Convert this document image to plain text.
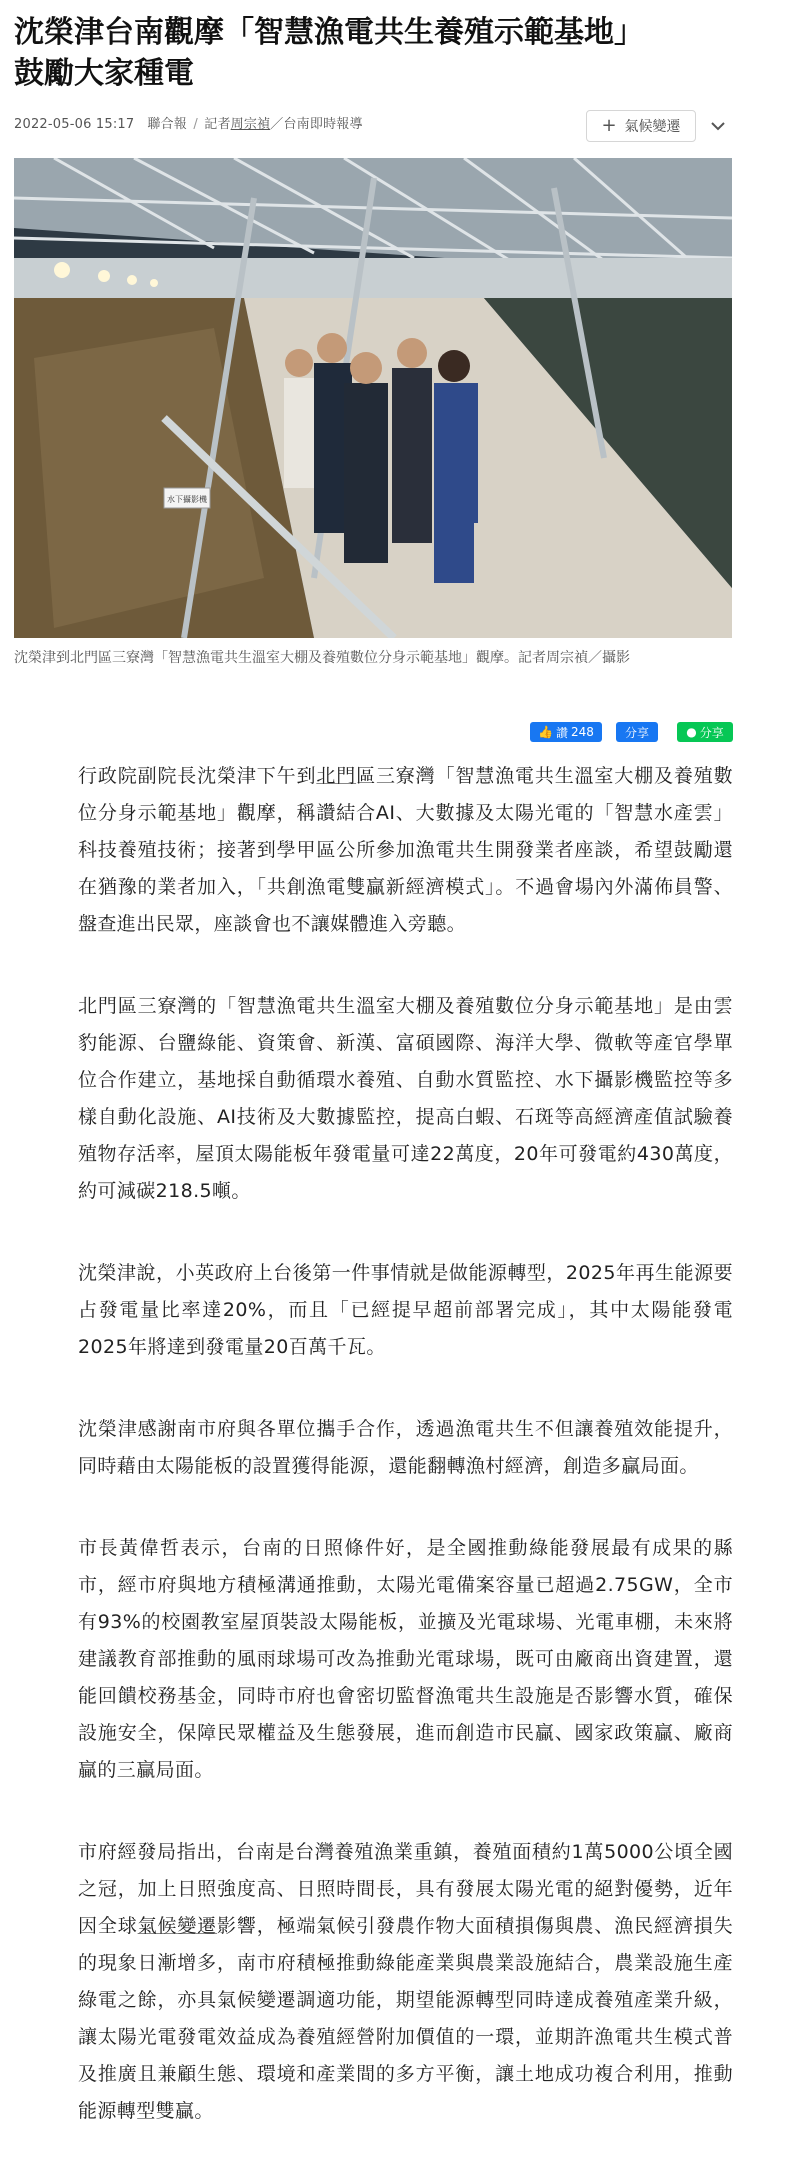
沈榮津台南觀摩「智慧漁電共生養殖示範基地」
鼓勵大家種電
2022-05-06 15:17 聯合報 / 記者周宗禎／台南即時報導	+ 氣候變遷
水下攝影機

沈榮津到北門區三寮灣「智慧漁電共生溫室大棚及養殖數位分身示範基地」觀摩。記者周宗禎／攝影

👍 讚 248	分享	● 分享

行政院副院長沈榮津下午到北門區三寮灣「智慧漁電共生溫室大棚及養殖數位分身示範基地」觀摩，稱讚結合AI、大數據及太陽光電的「智慧水產雲」科技養殖技術；接著到學甲區公所參加漁電共生開發業者座談，希望鼓勵還在猶豫的業者加入，「共創漁電雙贏新經濟模式」。不過會場內外滿佈員警、盤查進出民眾，座談會也不讓媒體進入旁聽。

北門區三寮灣的「智慧漁電共生溫室大棚及養殖數位分身示範基地」是由雲豹能源、台鹽綠能、資策會、新漢、富碩國際、海洋大學、微軟等產官學單位合作建立，基地採自動循環水養殖、自動水質監控、水下攝影機監控等多樣自動化設施、AI技術及大數據監控，提高白蝦、石斑等高經濟產值試驗養殖物存活率，屋頂太陽能板年發電量可達22萬度，20年可發電約430萬度，約可減碳218.5噸。

沈榮津說，小英政府上台後第一件事情就是做能源轉型，2025年再生能源要占發電量比率達20%，而且「已經提早超前部署完成」，其中太陽能發電2025年將達到發電量20百萬千瓦。

沈榮津感謝南市府與各單位攜手合作，透過漁電共生不但讓養殖效能提升，同時藉由太陽能板的設置獲得能源，還能翻轉漁村經濟，創造多贏局面。

市長黃偉哲表示，台南的日照條件好，是全國推動綠能發展最有成果的縣市，經市府與地方積極溝通推動，太陽光電備案容量已超過2.75GW，全市有93%的校園教室屋頂裝設太陽能板，並擴及光電球場、光電車棚，未來將建議教育部推動的風雨球場可改為推動光電球場，既可由廠商出資建置，還能回饋校務基金，同時市府也會密切監督漁電共生設施是否影響水質，確保設施安全，保障民眾權益及生態發展，進而創造市民贏、國家政策贏、廠商贏的三贏局面。

市府經發局指出，台南是台灣養殖漁業重鎮，養殖面積約1萬5000公頃全國之冠，加上日照強度高、日照時間長，具有發展太陽光電的絕對優勢，近年因全球氣候變遷影響，極端氣候引發農作物大面積損傷與農、漁民經濟損失的現象日漸增多，南市府積極推動綠能產業與農業設施結合，農業設施生產綠電之餘，亦具氣候變遷調適功能，期望能源轉型同時達成養殖產業升級，讓太陽光電發電效益成為養殖經營附加價值的一環，並期許漁電共生模式普及推廣且兼顧生態、環境和產業間的多方平衡，讓土地成功複合利用，推動能源轉型雙贏。
